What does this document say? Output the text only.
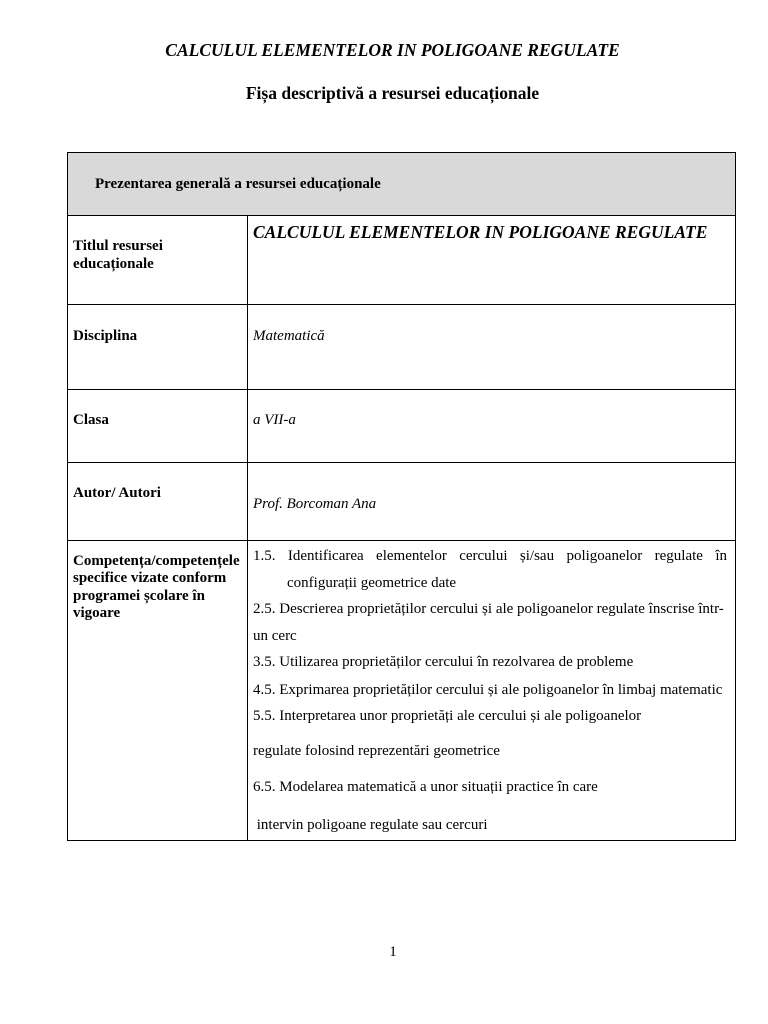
CALCULUL ELEMENTELOR IN POLIGOANE REGULATE
Fișa descriptivă a resursei educaționale
Prezentarea generală a resursei educaționale
Titlul resursei
educaționale
CALCULUL ELEMENTELOR IN POLIGOANE REGULATE
Disciplina	Matematică
Clasa	a VII-a
Autor/ Autori
Prof. Borcoman Ana
Competența/competențele
specifice vizate conform
programei școlare în
vigoare
1.5. Identificarea elementelor cercului și/sau poligoanelor regulate în
configurații geometrice date
2.5. Descrierea proprietăților cercului și ale poligoanelor regulate înscrise într-
un cerc
3.5. Utilizarea proprietăților cercului în rezolvarea de probleme
4.5. Exprimarea proprietăților cercului și ale poligoanelor în limbaj matematic
5.5. Interpretarea unor proprietăți ale cercului și ale poligoanelor
regulate folosind reprezentări geometrice
6.5. Modelarea matematică a unor situații practice în care
intervin poligoane regulate sau cercuri
1
